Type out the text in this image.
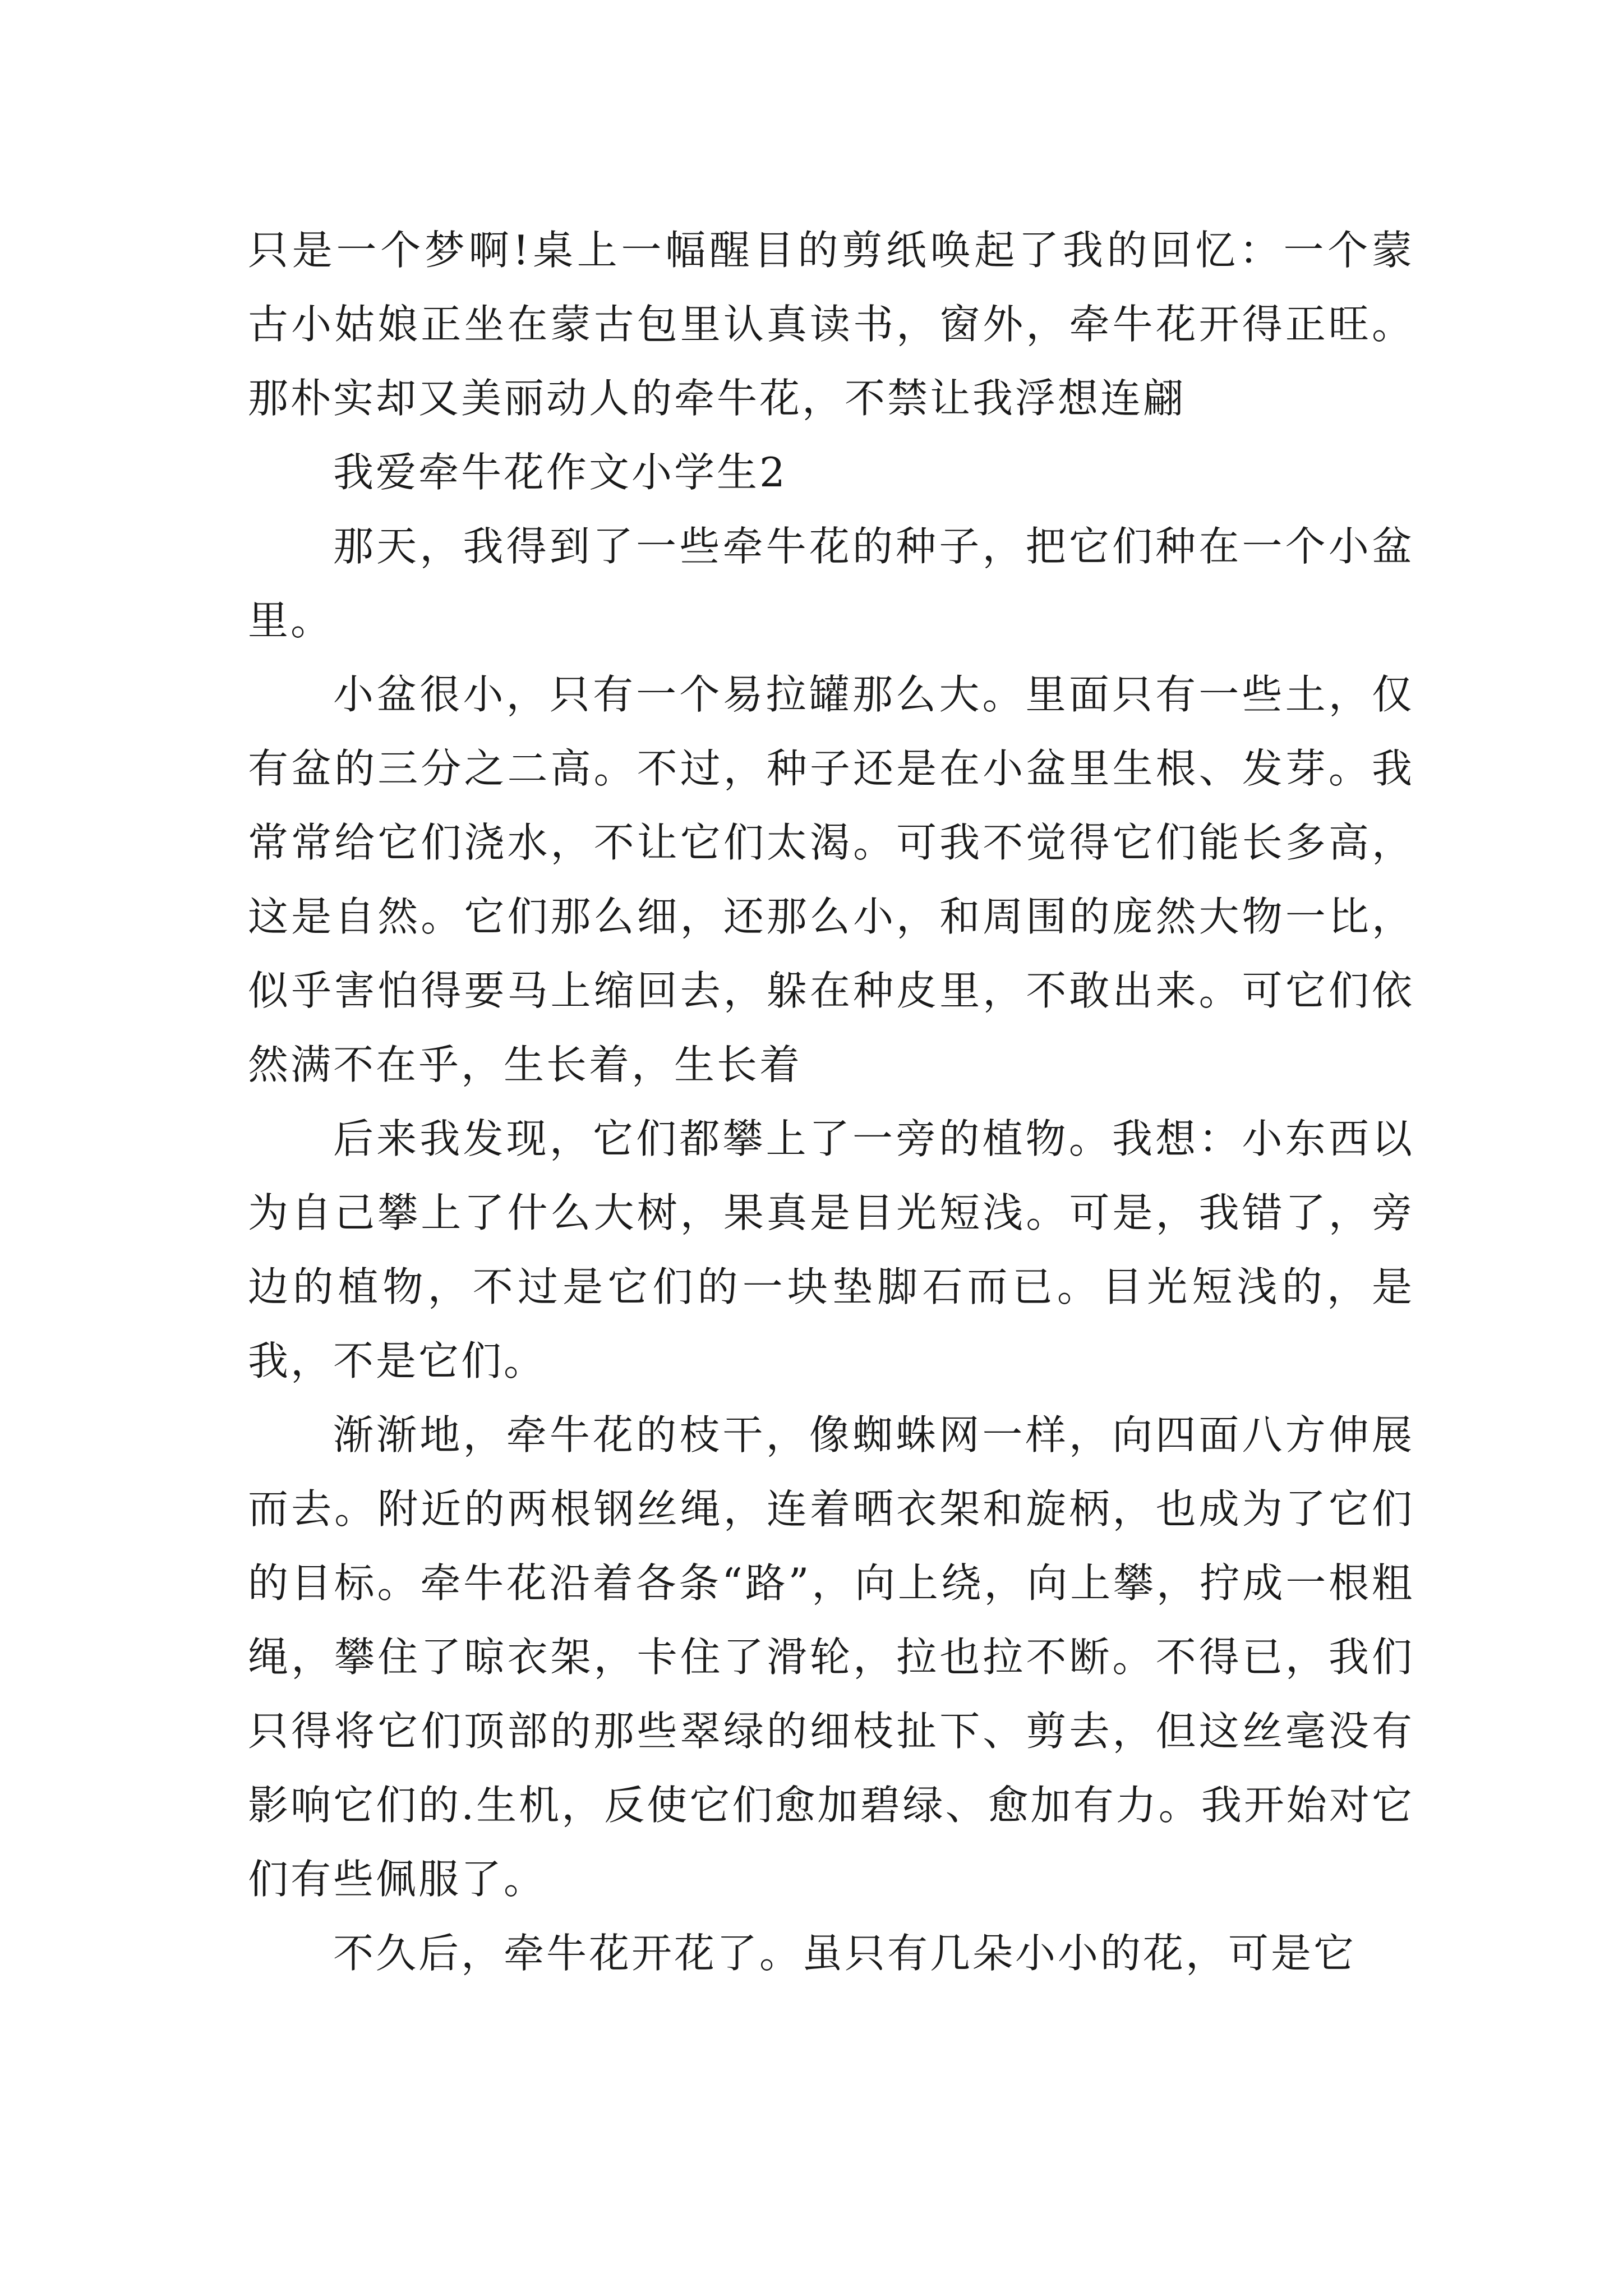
只是一个梦啊!桌上一幅醒目的剪纸唤起了我的回忆：一个蒙古小姑娘正坐在蒙古包里认真读书，窗外，牵牛花开得正旺。那朴实却又美丽动人的牵牛花，不禁让我浮想连翩

我爱牵牛花作文小学生2

那天，我得到了一些牵牛花的种子，把它们种在一个小盆里。

小盆很小，只有一个易拉罐那么大。里面只有一些土，仅有盆的三分之二高。不过，种子还是在小盆里生根、发芽。我常常给它们浇水，不让它们太渴。可我不觉得它们能长多高，这是自然。它们那么细，还那么小，和周围的庞然大物一比，似乎害怕得要马上缩回去，躲在种皮里，不敢出来。可它们依然满不在乎，生长着，生长着

后来我发现，它们都攀上了一旁的植物。我想：小东西以为自己攀上了什么大树，果真是目光短浅。可是，我错了，旁边的植物，不过是它们的一块垫脚石而已。目光短浅的，是我，不是它们。

渐渐地，牵牛花的枝干，像蜘蛛网一样，向四面八方伸展而去。附近的两根钢丝绳，连着晒衣架和旋柄，也成为了它们的目标。牵牛花沿着各条“路”，向上绕，向上攀，拧成一根粗绳，攀住了晾衣架，卡住了滑轮，拉也拉不断。不得已，我们只得将它们顶部的那些翠绿的细枝扯下、剪去，但这丝毫没有影响它们的.生机，反使它们愈加碧绿、愈加有力。我开始对它们有些佩服了。

不久后，牵牛花开花了。虽只有几朵小小的花，可是它
